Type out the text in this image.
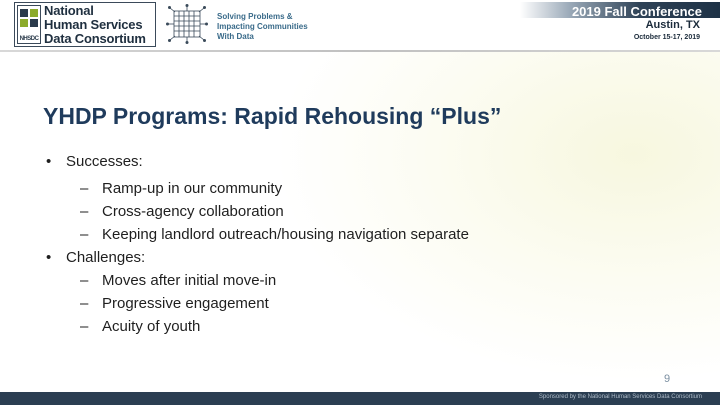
NHSDC
National
Human Services
Data Consortium
Solving Problems &
Impacting Communities
With Data
2019 Fall Conference
Austin, TX
October 15-17, 2019
YHDP Programs: Rapid Rehousing “Plus”
• Successes:
– Ramp-up in our community
– Cross-agency collaboration
– Keeping landlord outreach/housing navigation separate
• Challenges:
– Moves after initial move-in
– Progressive engagement
– Acuity of youth
9
Sponsored by the National Human Services Data Consortium
